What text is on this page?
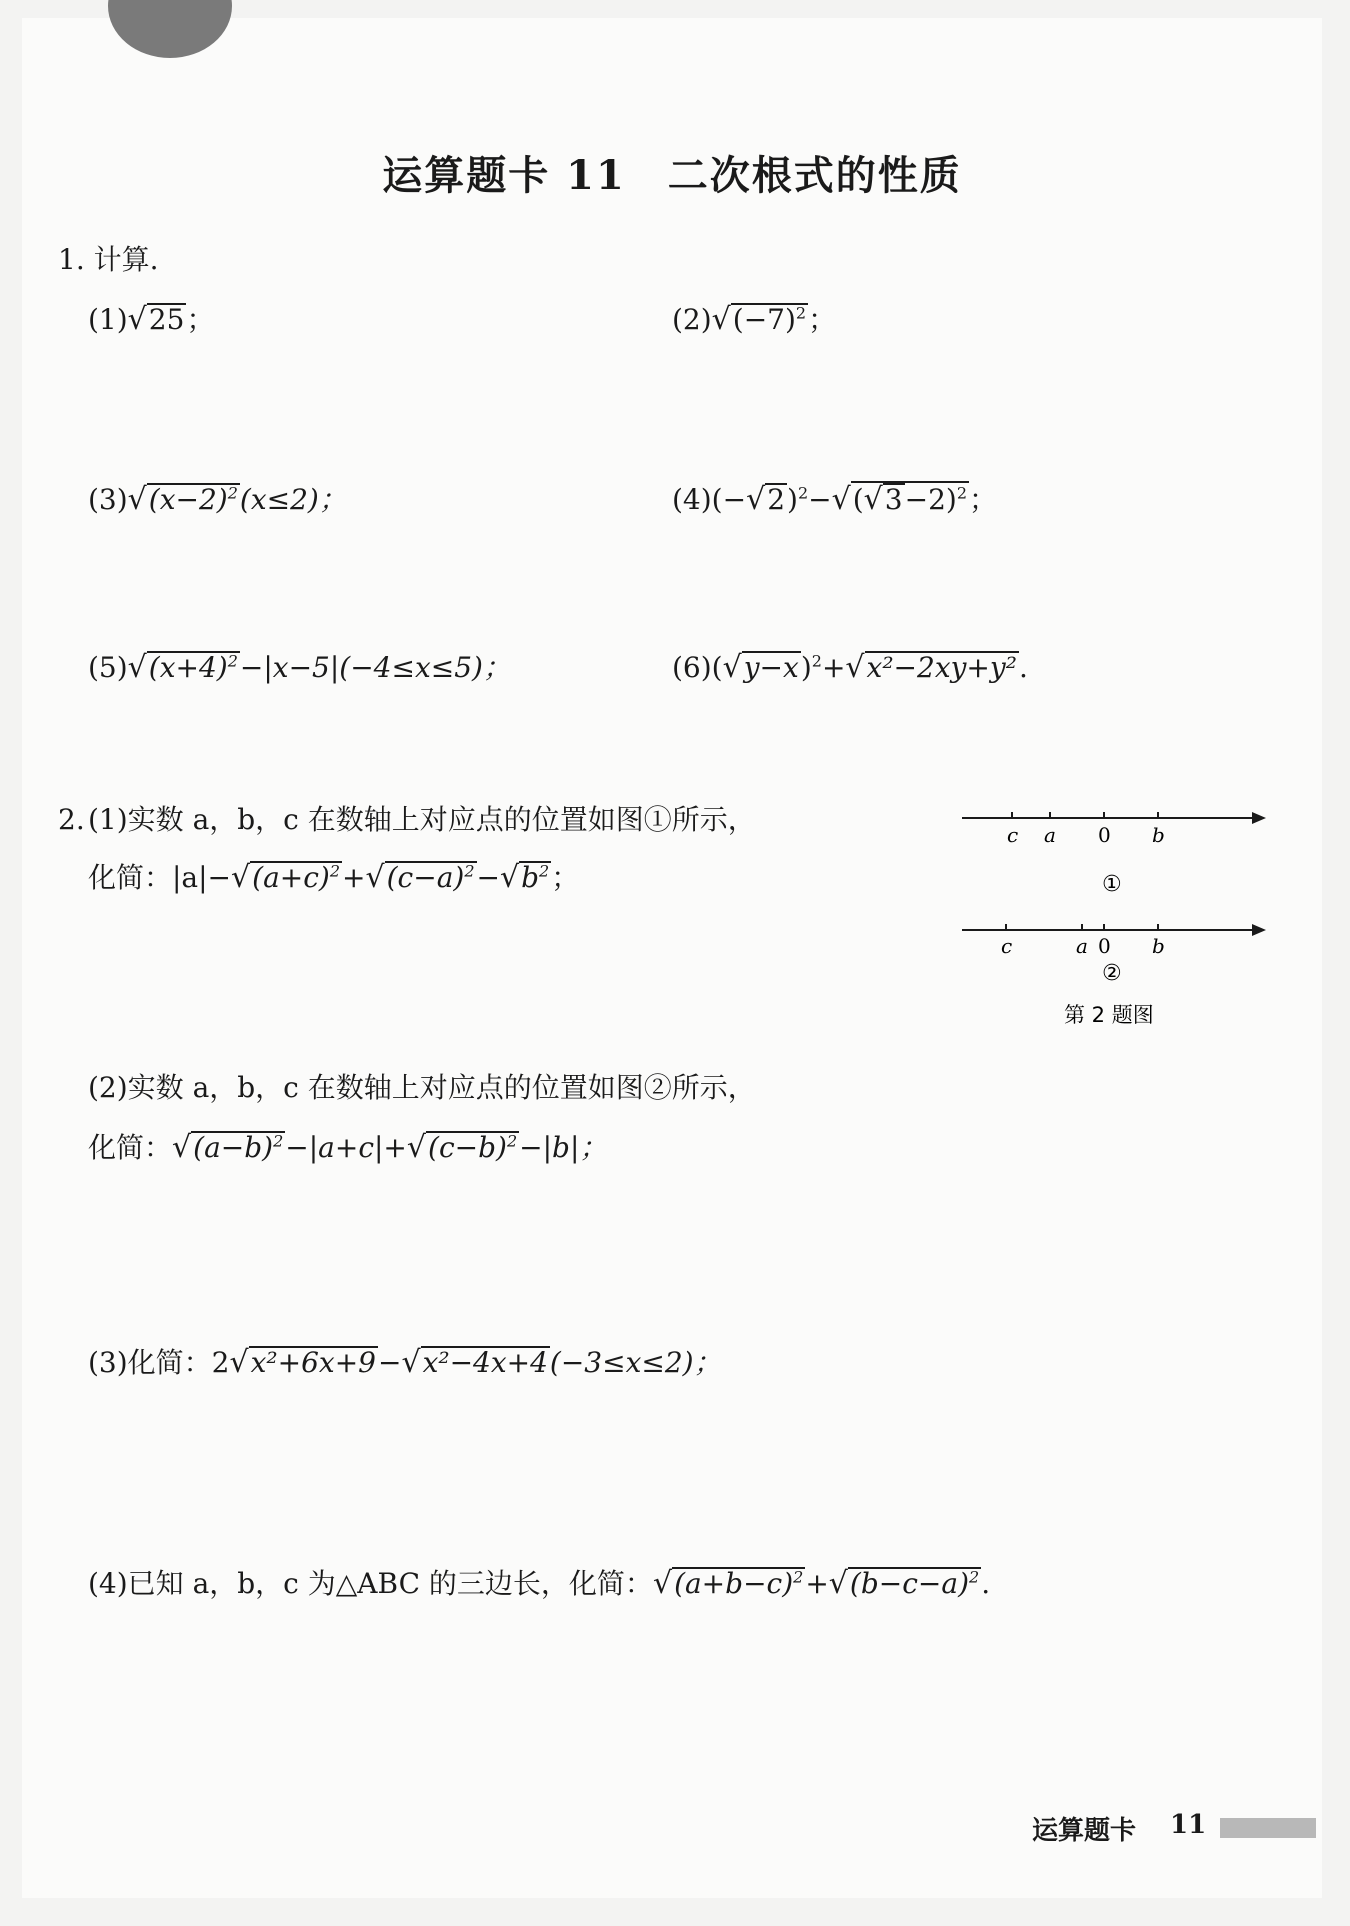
运算题卡 11　二次根式的性质
1. 计算.
(1)√25；	$(2)√(-7)^2$；
$(3)√(x-2)^2(x\le 2)$；	$(4)(-√2)^2-√(√3-2)^2$；
$(5)√(x+4)^2-|x-5|(-4\le x\le 5)$；	$(6)(√y-x)^2+√x^2-2xy+y^2$.
2. (1)实数 a，b，c 在数轴上对应点的位置如图①所示，
化简：$|a|-√(a+c)^2+√(c-a)^2-√b^2$；
(2)实数 a，b，c 在数轴上对应点的位置如图②所示，
化简：$√(a-b)^2-|a+c|+√(c-b)^2-|b|$；
(3)化简：2√x²+6x+9−√x²−4x+4(−3≤x≤2)；
(4)已知 a，b，c 为△ABC 的三边长，化简：$√(a+b-c)^2+√(b-c-a)^2$.
c a 0 b
①
c	a 0 b
②
第 2 题图
运算题卡 11
